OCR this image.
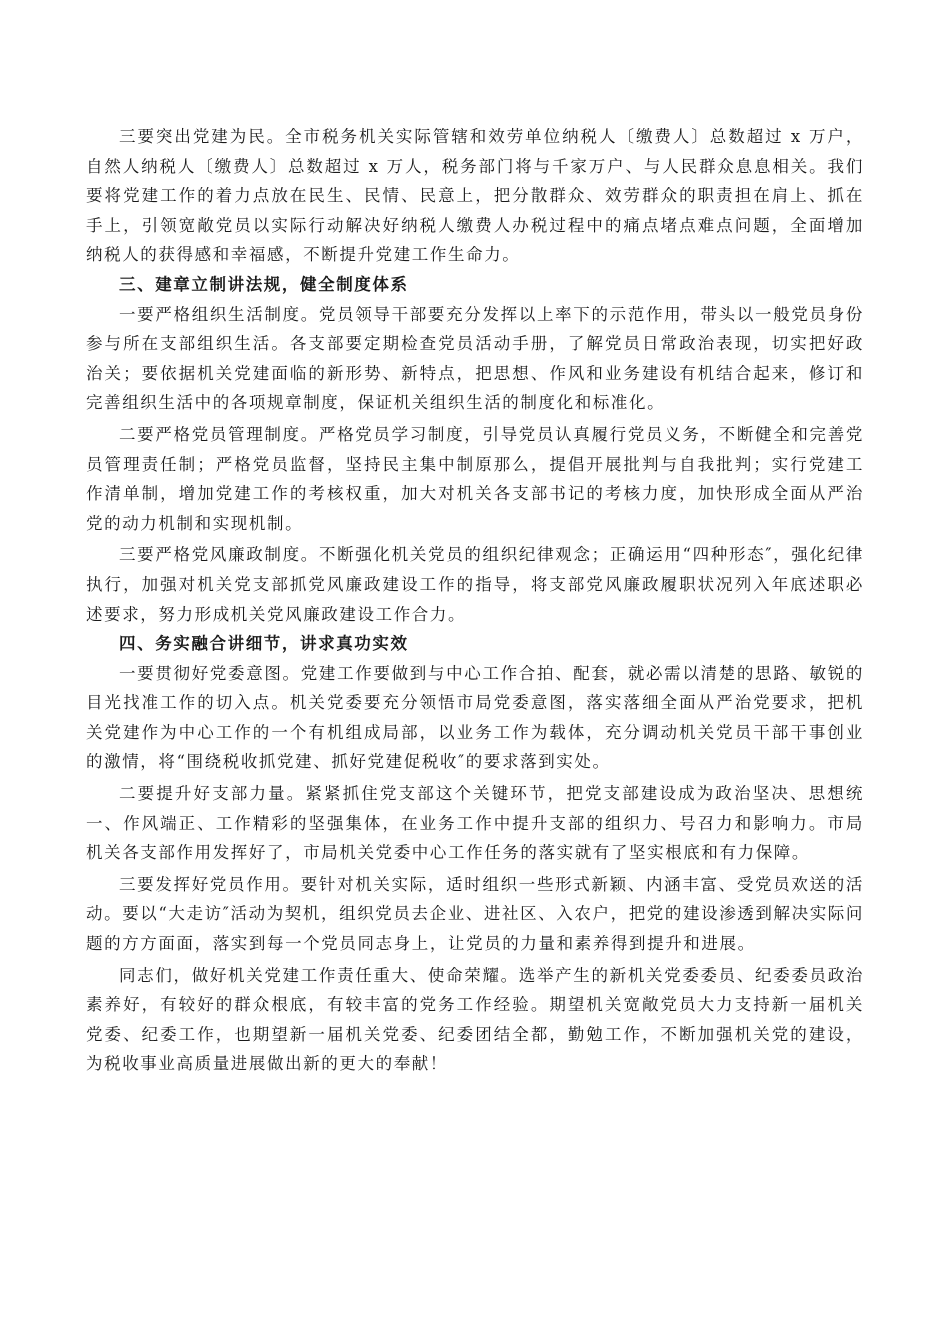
三要突出党建为民。全市税务机关实际管辖和效劳单位纳税人〔缴费人〕总数超过 x 万户，自然人纳税人〔缴费人〕总数超过 x 万人，税务部门将与千家万户、与人民群众息息相关。我们要将党建工作的着力点放在民生、民情、民意上，把分散群众、效劳群众的职责担在肩上、抓在手上，引领宽敞党员以实际行动解决好纳税人缴费人办税过程中的痛点堵点难点问题，全面增加纳税人的获得感和幸福感，不断提升党建工作生命力。

三、建章立制讲法规，健全制度体系

一要严格组织生活制度。党员领导干部要充分发挥以上率下的示范作用，带头以一般党员身份参与所在支部组织生活。各支部要定期检查党员活动手册，了解党员日常政治表现，切实把好政治关；要依据机关党建面临的新形势、新特点，把思想、作风和业务建设有机结合起来，修订和完善组织生活中的各项规章制度，保证机关组织生活的制度化和标准化。

二要严格党员管理制度。严格党员学习制度，引导党员认真履行党员义务，不断健全和完善党员管理责任制；严格党员监督，坚持民主集中制原那么，提倡开展批判与自我批判；实行党建工作清单制，增加党建工作的考核权重，加大对机关各支部书记的考核力度，加快形成全面从严治党的动力机制和实现机制。

三要严格党风廉政制度。不断强化机关党员的组织纪律观念；正确运用“四种形态″，强化纪律执行，加强对机关党支部抓党风廉政建设工作的指导，将支部党风廉政履职状况列入年底述职必述要求，努力形成机关党风廉政建设工作合力。

四、务实融合讲细节，讲求真功实效

一要贯彻好党委意图。党建工作要做到与中心工作合拍、配套，就必需以清楚的思路、敏锐的目光找准工作的切入点。机关党委要充分领悟市局党委意图，落实落细全面从严治党要求，把机关党建作为中心工作的一个有机组成局部，以业务工作为载体，充分调动机关党员干部干事创业的激情，将“围绕税收抓党建、抓好党建促税收″的要求落到实处。

二要提升好支部力量。紧紧抓住党支部这个关键环节，把党支部建设成为政治坚决、思想统一、作风端正、工作精彩的坚强集体，在业务工作中提升支部的组织力、号召力和影响力。市局机关各支部作用发挥好了，市局机关党委中心工作任务的落实就有了坚实根底和有力保障。

三要发挥好党员作用。要针对机关实际，适时组织一些形式新颖、内涵丰富、受党员欢送的活动。要以“大走访″活动为契机，组织党员去企业、进社区、入农户，把党的建设渗透到解决实际问题的方方面面，落实到每一个党员同志身上，让党员的力量和素养得到提升和进展。

同志们，做好机关党建工作责任重大、使命荣耀。选举产生的新机关党委委员、纪委委员政治素养好，有较好的群众根底，有较丰富的党务工作经验。期望机关宽敞党员大力支持新一届机关党委、纪委工作，也期望新一届机关党委、纪委团结全都，勤勉工作，不断加强机关党的建设，为税收事业高质量进展做出新的更大的奉献！
